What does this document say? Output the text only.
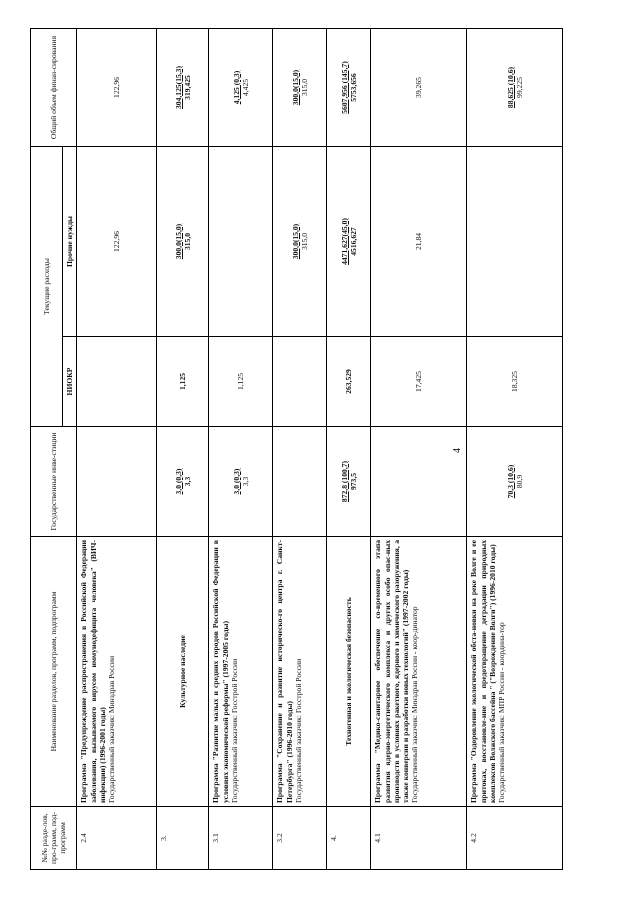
№№ разде-лов, про-грамм, под-программ	Наименование разделов, программ, подпрограмм	Государственные инве-стиции	Текущие расходы		Общий объем финан-сирования
			НИОКР	Прочие нужды	
2.4	Программа "Предупреждение распространения в Российской Федерации заболевания, вызываемого вирусом иммунодефицита человека" (ВИЧ-инфекции) (1996-2001 годы) Государственный заказчик: Минздрав России			122,96	122,96
3.	Культурное наследие	3,0 (0,3) 3,3	1,125	300,0(15,0) 315,0	304,125(15,3) 319,425

3.1	Программа "Развитие малых и средних городов Российской Федерации в условиях экономической реформы" (1997-2005 годы) Государственный заказчик: Госстрой России	3,0 (0,3) 3,3	1,125		4,125 (0,3) 4,425
3.2	Программа "Сохранение и развитие историческо-го центра г. Санкт-Петербурга" (1996-2010 годы) Государственный заказчик: Госстрой России			300,0(15,0) 315,0	300,0(15,0) 315,0
4.	Техногенная и экологическая безопасность	872,8 (100,7) 973,5	263,529	4471,627(45,0) 4516,627	5607,956 (145,7) 5753,656

4.1	Программа "Медико-санитарное обеспечение со-временного этапа развития ядерно-энергетического комплекса и других особо опас-ных производств в условиях ракетного, ядерного и химического разоружения, а также конверсии и разработки новых технологий" (1997-2002 годы) Государственный заказчик: Минздрав России - коор-динатор		17,425	21,84	39,265
4.2	Программа "Оздоровление экологической обста-новки на реке Волге и ее притоках, восстановле-ние и предотвращение деградации природных комплексов Волжского бассейна " ("Возрождение Волги") (1996-2010 годы) Государственный заказчик: МПР России - координа-тор	70,3 (10,6) 80,9	18,325		88,625 (10,6) 99,225
4
